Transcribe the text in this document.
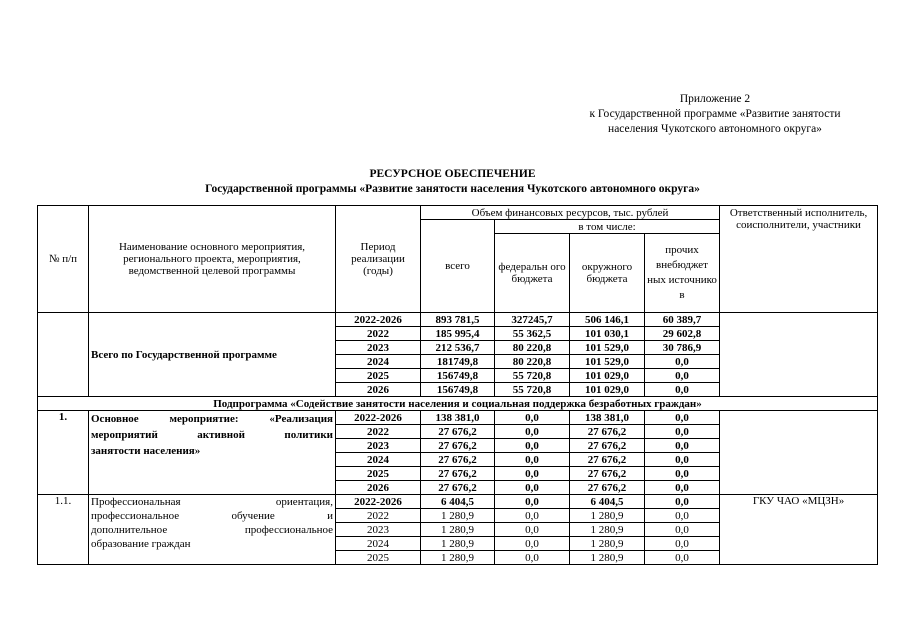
Приложение 2
к Государственной программе «Развитие занятости
населения Чукотского автономного округа»
РЕСУРСНОЕ ОБЕСПЕЧЕНИЕ
Государственной программы «Развитие занятости населения Чукотского автономного округа»
№ п/п	Наименование основного мероприятия, регионального проекта, мероприятия, ведомственной целевой программы	Период реализации (годы)	Объем финансовых ресурсов, тыс. рублей				Ответственный исполнитель, соисполнители, участники
			всего	в том числе:			
				федеральн ого бюджета	окружного бюджета	прочих внебюджет ных источнико в	
	Всего по Государственной программе	2022-2026	893 781,5	327245,7	506 146,1	60 389,7	
		2022	185 995,4	55 362,5	101 030,1	29 602,8	
		2023	212 536,7	80 220,8	101 529,0	30 786,9	
		2024	181749,8	80 220,8	101 529,0	0,0	
		2025	156749,8	55 720,8	101 029,0	0,0	
		2026	156749,8	55 720,8	101 029,0	0,0	
Подпрограмма «Содействие занятости населения и социальная поддержка безработных граждан»							
1.	Основное мероприятие: «Реализация
мероприятий активной политики
занятости населения»	2022-2026	138 381,0	0,0	138 381,0	0,0	
		2022	27 676,2	0,0	27 676,2	0,0	
		2023	27 676,2	0,0	27 676,2	0,0	
		2024	27 676,2	0,0	27 676,2	0,0	
		2025	27 676,2	0,0	27 676,2	0,0	
		2026	27 676,2	0,0	27 676,2	0,0	
1.1.	Профессиональная ориентация,
профессиональное обучение и
дополнительное профессиональное
образование граждан	2022-2026	6 404,5	0,0	6 404,5	0,0	ГКУ ЧАО «МЦЗН»
		2022	1 280,9	0,0	1 280,9	0,0	
		2023	1 280,9	0,0	1 280,9	0,0	
		2024	1 280,9	0,0	1 280,9	0,0	
		2025	1 280,9	0,0	1 280,9	0,0	
